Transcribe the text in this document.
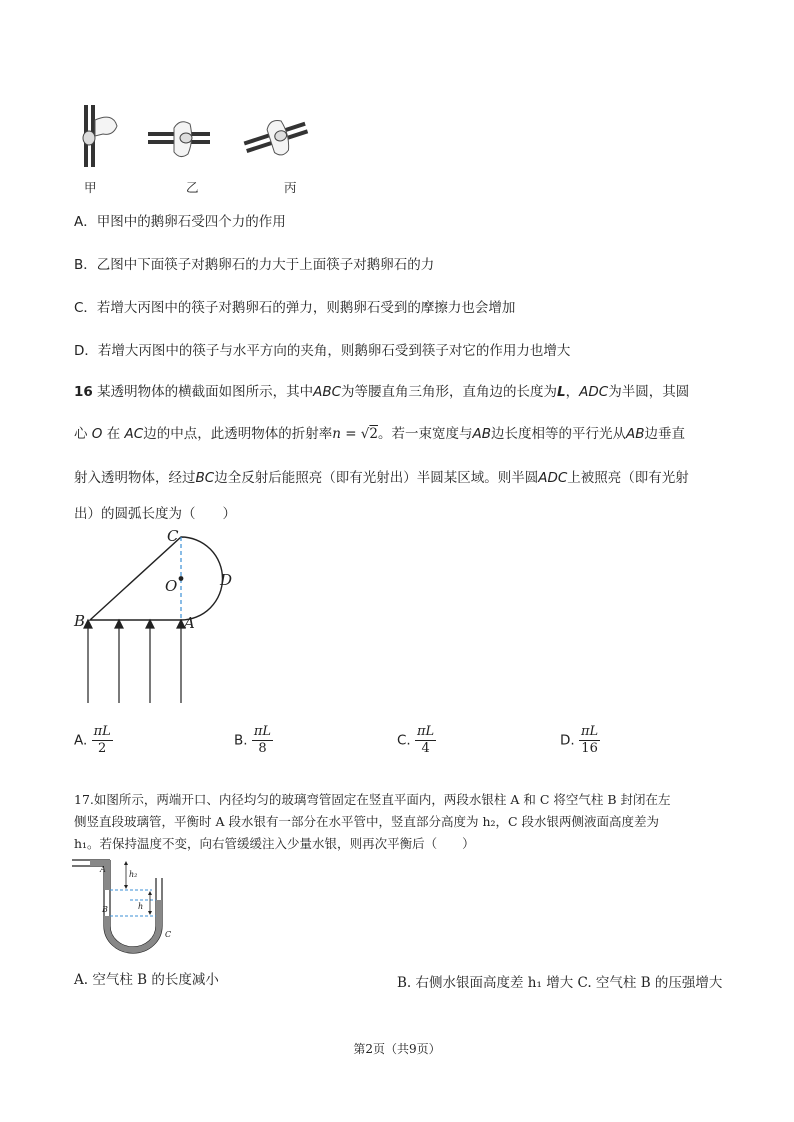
甲	乙	丙
A．甲图中的鹅卵石受四个力的作用
B．乙图中下面筷子对鹅卵石的力大于上面筷子对鹅卵石的力
C．若增大丙图中的筷子对鹅卵石的弹力，则鹅卵石受到的摩擦力也会增加
D．若增大丙图中的筷子与水平方向的夹角，则鹅卵石受到筷子对它的作用力也增大
16 某透明物体的横截面如图所示，其中ABC为等腰直角三角形，直角边的长度为L，ADC为半圆，其圆
心 O 在 AC边的中点，此透明物体的折射率n = √2。若一束宽度与AB边长度相等的平行光从AB边垂直
射入透明物体，经过BC边全反射后能照亮（即有光射出）半圆某区域。则半圆ADC上被照亮（即有光射
出）的圆弧长度为（　　）
C
O	D
B	A
A. $\frac{\pi L}{2}$	B. $\frac{\pi L}{8}$	C. $\frac{\pi L}{4}$	D. $\frac{\pi L}{16}$
17.如图所示，两端开口、内径均匀的玻璃弯管固定在竖直平面内，两段水银柱 A 和 C 将空气柱 B 封闭在左
侧竖直段玻璃管，平衡时 A 段水银有一部分在水平管中，竖直部分高度为 h₂，C 段水银两侧液面高度差为
h₁。若保持温度不变，向右管缓缓注入少量水银，则再次平衡后（　　）
A
h₂
B	h
C
A. 空气柱 B 的长度减小	B. 右侧水银面高度差 h₁ 增大 C. 空气柱 B 的压强增大
第2页（共9页）
